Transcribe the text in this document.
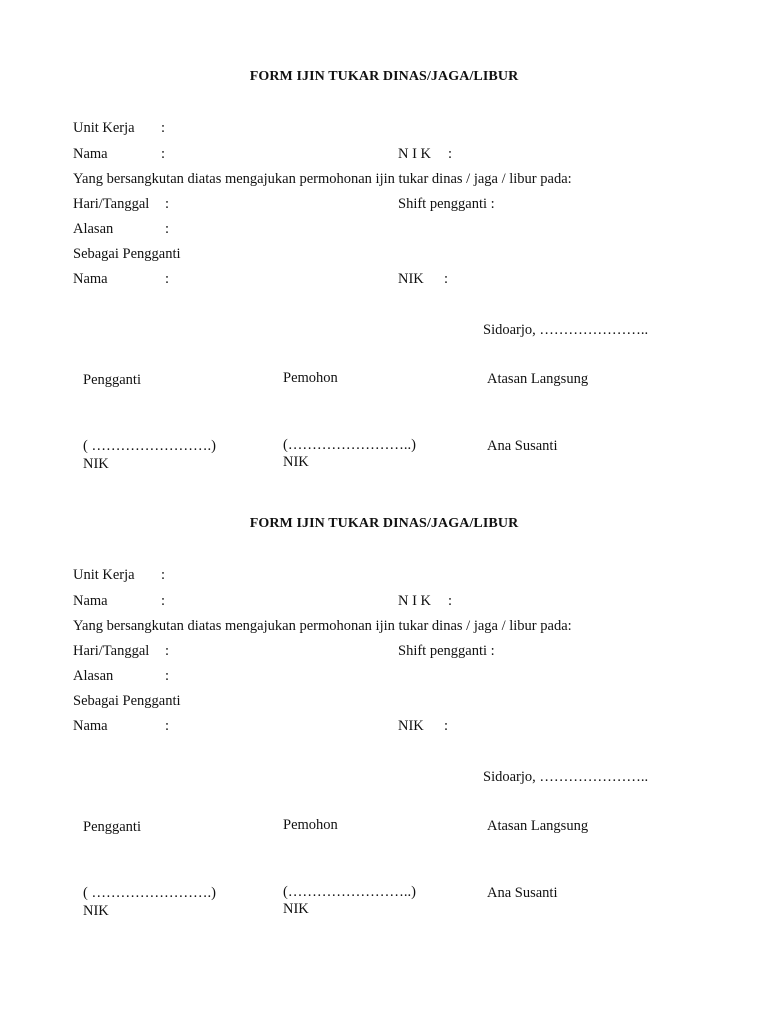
FORM IJIN TUKAR DINAS/JAGA/LIBUR
Unit Kerja :
Nama	:	N I K :
Yang bersangkutan diatas mengajukan permohonan ijin tukar dinas / jaga / libur pada:
Hari/Tanggal :	Shift pengganti :
Alasan	:
Sebagai Pengganti
Nama	:	NIK :
Sidoarjo, …………………..
Pengganti	Pemohon	Atasan Langsung
( …………………….)	(……………………..)	Ana Susanti
NIK	NIK
FORM IJIN TUKAR DINAS/JAGA/LIBUR
Unit Kerja :
Nama	:	N I K :
Yang bersangkutan diatas mengajukan permohonan ijin tukar dinas / jaga / libur pada:
Hari/Tanggal :	Shift pengganti :
Alasan	:
Sebagai Pengganti
Nama	:	NIK :
Sidoarjo, …………………..
Pengganti	Pemohon	Atasan Langsung
( …………………….)	(……………………..)	Ana Susanti
NIK	NIK
